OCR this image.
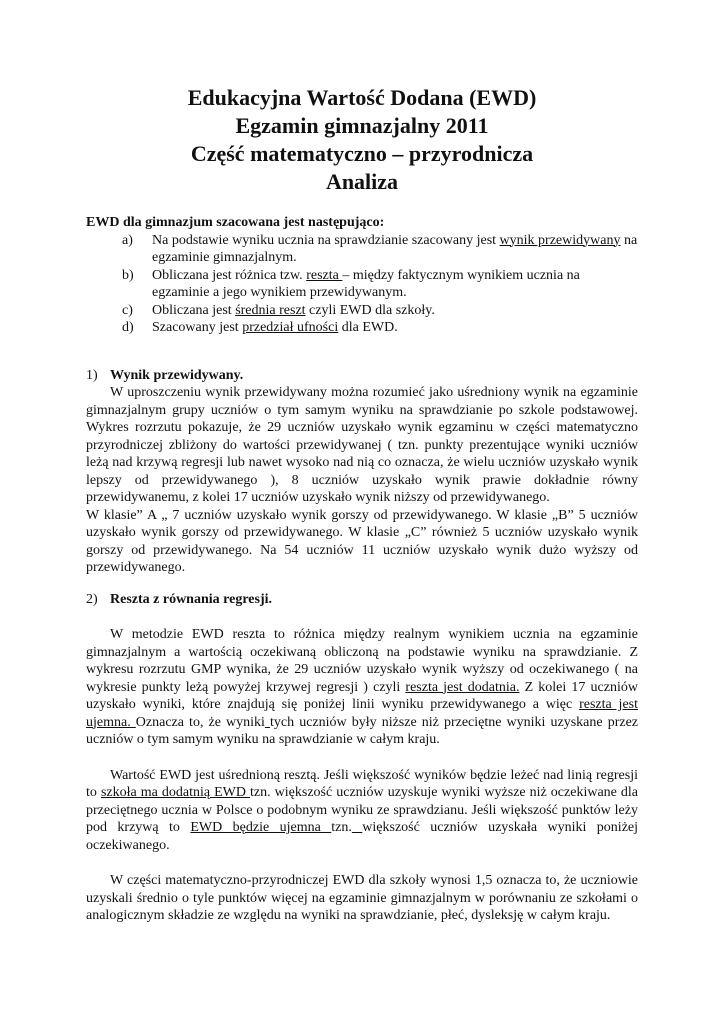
Edukacyjna Wartość Dodana (EWD)
Egzamin gimnazjalny 2011
Część matematyczno – przyrodnicza
Analiza

EWD dla gimnazjum szacowana jest następująco:

a) Na podstawie wyniku ucznia na sprawdzianie szacowany jest wynik przewidywany na egzaminie gimnazjalnym.
b) Obliczana jest różnica tzw. reszta – między faktycznym wynikiem ucznia na egzaminie a jego wynikiem przewidywanym.
c) Obliczana jest średnia reszt czyli EWD dla szkoły.
d) Szacowany jest przedział ufności dla EWD.

1) Wynik przewidywany.

W uproszczeniu wynik przewidywany można rozumieć jako uśredniony wynik na egzaminie gimnazjalnym grupy uczniów o tym samym wyniku na sprawdzianie po szkole podstawowej. Wykres rozrzutu pokazuje, że 29 uczniów uzyskało wynik egzaminu w części matematyczno przyrodniczej zbliżony do wartości przewidywanej ( tzn. punkty prezentujące wyniki uczniów leżą nad krzywą regresji lub nawet wysoko nad nią co oznacza, że wielu uczniów uzyskało wynik lepszy od przewidywanego ), 8 uczniów uzyskało wynik prawie dokładnie równy przewidywanemu, z kolei 17 uczniów uzyskało wynik niższy od przewidywanego.

W klasie” A „ 7 uczniów uzyskało wynik gorszy od przewidywanego. W klasie „B” 5 uczniów uzyskało wynik gorszy od przewidywanego. W klasie „C” również 5 uczniów uzyskało wynik gorszy od przewidywanego. Na 54 uczniów 11 uczniów uzyskało wynik dużo wyższy od przewidywanego.

2) Reszta z równania regresji.

W metodzie EWD reszta to różnica między realnym wynikiem ucznia na egzaminie gimnazjalnym a wartością oczekiwaną obliczoną na podstawie wyniku na sprawdzianie. Z wykresu rozrzutu GMP wynika, że 29 uczniów uzyskało wynik wyższy od oczekiwanego ( na wykresie punkty leżą powyżej krzywej regresji ) czyli reszta jest dodatnia. Z kolei 17 uczniów uzyskało wyniki, które znajdują się poniżej linii wyniku przewidywanego a więc reszta jest ujemna. Oznacza to, że wyniki tych uczniów były niższe niż przeciętne wyniki uzyskane przez uczniów o tym samym wyniku na sprawdzianie w całym kraju.

Wartość EWD jest uśrednioną resztą. Jeśli większość wyników będzie leżeć nad linią regresji to szkoła ma dodatnią EWD tzn. większość uczniów uzyskuje wyniki wyższe niż oczekiwane dla przeciętnego ucznia w Polsce o podobnym wyniku ze sprawdzianu. Jeśli większość punktów leży pod krzywą to EWD będzie ujemna tzn. większość uczniów uzyskała wyniki poniżej oczekiwanego.

W części matematyczno-przyrodniczej EWD dla szkoły wynosi 1,5 oznacza to, że uczniowie uzyskali średnio o tyle punktów więcej na egzaminie gimnazjalnym w porównaniu ze szkołami o analogicznym składzie ze względu na wyniki na sprawdzianie, płeć, dysleksję w całym kraju.
